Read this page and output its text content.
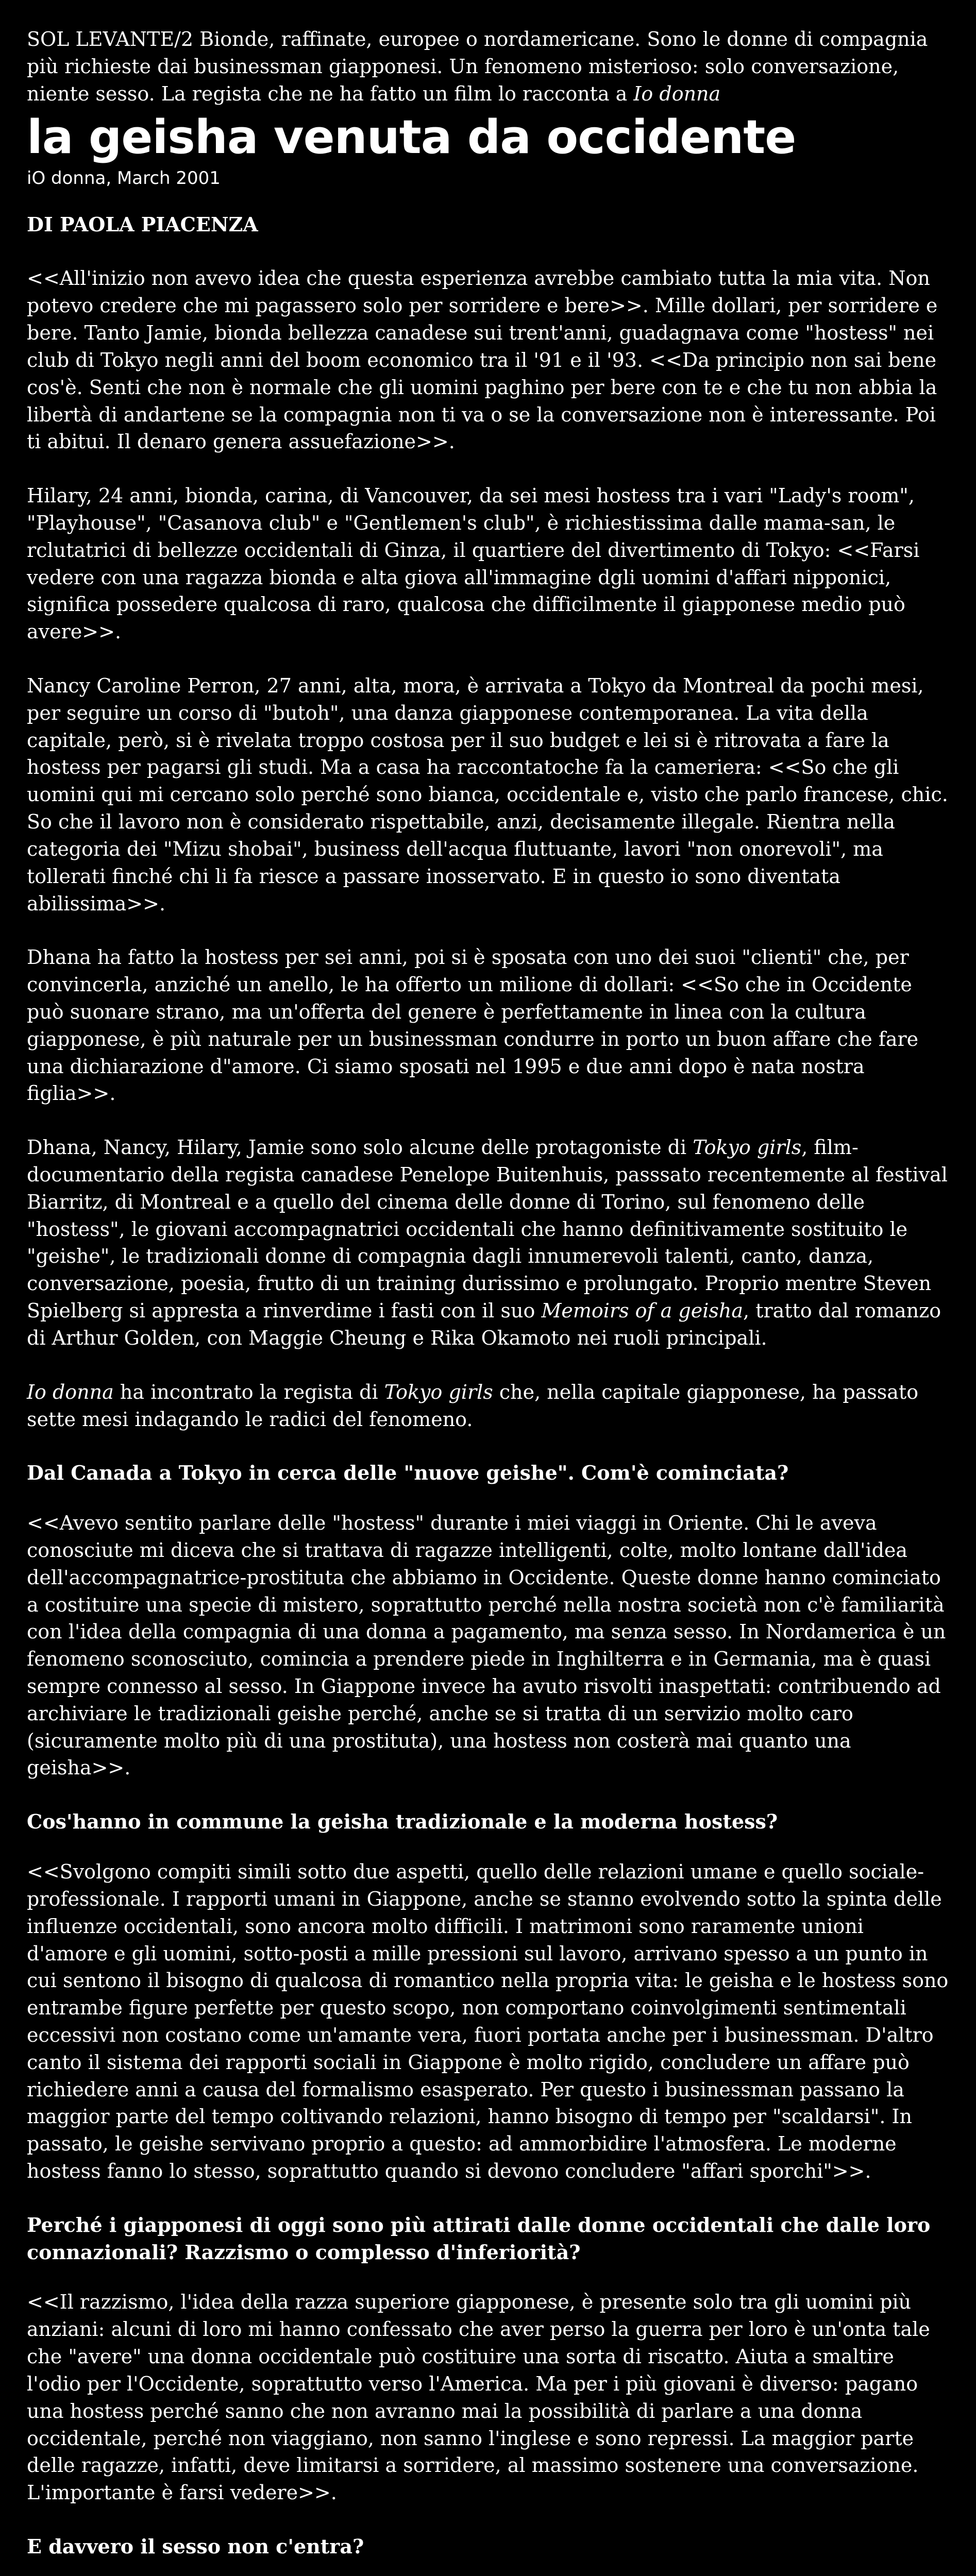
SOL LEVANTE/2 Bionde, raffinate, europee o nordamericane. Sono le donne di compagnia più richieste dai businessman giapponesi. Un fenomeno misterioso: solo conversazione, niente sesso. La regista che ne ha fatto un film lo racconta a Io donna

la geisha venuta da occidente
iO donna, March 2001

DI PAOLA PIACENZA

<<All'inizio non avevo idea che questa esperienza avrebbe cambiato tutta la mia vita. Non potevo credere che mi pagassero solo per sorridere e bere>>. Mille dollari, per sorridere e bere. Tanto Jamie, bionda bellezza canadese sui trent'anni, guadagnava come "hostess" nei club di Tokyo negli anni del boom economico tra il '91 e il '93. <<Da principio non sai bene cos'è. Senti che non è normale che gli uomini paghino per bere con te e che tu non abbia la libertà di andartene se la compagnia non ti va o se la conversazione non è interessante. Poi ti abitui. Il denaro genera assuefazione>>.

Hilary, 24 anni, bionda, carina, di Vancouver, da sei mesi hostess tra i vari "Lady's room", "Playhouse", "Casanova club" e "Gentlemen's club", è richiestissima dalle mama-san, le rclutatrici di bellezze occidentali di Ginza, il quartiere del divertimento di Tokyo: <<Farsi vedere con una ragazza bionda e alta giova all'immagine dgli uomini d'affari nipponici, significa possedere qualcosa di raro, qualcosa che difficilmente il giapponese medio può avere>>.

Nancy Caroline Perron, 27 anni, alta, mora, è arrivata a Tokyo da Montreal da pochi mesi, per seguire un corso di "butoh", una danza giapponese contemporanea. La vita della capitale, però, si è rivelata troppo costosa per il suo budget e lei si è ritrovata a fare la hostess per pagarsi gli studi. Ma a casa ha raccontatoche fa la cameriera: <<So che gli uomini qui mi cercano solo perché sono bianca, occidentale e, visto che parlo francese, chic. So che il lavoro non è considerato rispettabile, anzi, decisamente illegale. Rientra nella categoria dei "Mizu shobai", business dell'acqua fluttuante, lavori "non onorevoli", ma tollerati finché chi li fa riesce a passare inosservato. E in questo io sono diventata abilissima>>.

Dhana ha fatto la hostess per sei anni, poi si è sposata con uno dei suoi "clienti" che, per convincerla, anziché un anello, le ha offerto un milione di dollari: <<So che in Occidente può suonare strano, ma un'offerta del genere è perfettamente in linea con la cultura giapponese, è più naturale per un businessman condurre in porto un buon affare che fare una dichiarazione d"amore. Ci siamo sposati nel 1995 e due anni dopo è nata nostra figlia>>.

Dhana, Nancy, Hilary, Jamie sono solo alcune delle protagoniste di Tokyo girls, film-documentario della regista canadese Penelope Buitenhuis, passsato recentemente al festival Biarritz, di Montreal e a quello del cinema delle donne di Torino, sul fenomeno delle "hostess", le giovani accompagnatrici occidentali che hanno definitivamente sostituito le "geishe", le tradizionali donne di compagnia dagli innumerevoli talenti, canto, danza, conversazione, poesia, frutto di un training durissimo e prolungato. Proprio mentre Steven Spielberg si appresta a rinverdime i fasti con il suo Memoirs of a geisha, tratto dal romanzo di Arthur Golden, con Maggie Cheung e Rika Okamoto nei ruoli principali.

Io donna ha incontrato la regista di Tokyo girls che, nella capitale giapponese, ha passato sette mesi indagando le radici del fenomeno.

Dal Canada a Tokyo in cerca delle "nuove geishe". Com'è cominciata?

<<Avevo sentito parlare delle "hostess" durante i miei viaggi in Oriente. Chi le aveva conosciute mi diceva che si trattava di ragazze intelligenti, colte, molto lontane dall'idea dell'accompagnatrice-prostituta che abbiamo in Occidente. Queste donne hanno cominciato a costituire una specie di mistero, soprattutto perché nella nostra società non c'è familiarità con l'idea della compagnia di una donna a pagamento, ma senza sesso. In Nordamerica è un fenomeno sconosciuto, comincia a prendere piede in Inghilterra e in Germania, ma è quasi sempre connesso al sesso. In Giappone invece ha avuto risvolti inaspettati: contribuendo ad archiviare le tradizionali geishe perché, anche se si tratta di un servizio molto caro (sicuramente molto più di una prostituta), una hostess non costerà mai quanto una geisha>>.

Cos'hanno in commune la geisha tradizionale e la moderna hostess?

<<Svolgono compiti simili sotto due aspetti, quello delle relazioni umane e quello sociale-professionale. I rapporti umani in Giappone, anche se stanno evolvendo sotto la spinta delle influenze occidentali, sono ancora molto difficili. I matrimoni sono raramente unioni d'amore e gli uomini, sotto-posti a mille pressioni sul lavoro, arrivano spesso a un punto in cui sentono il bisogno di qualcosa di romantico nella propria vita: le geisha e le hostess sono entrambe figure perfette per questo scopo, non comportano coinvolgimenti sentimentali eccessivi non costano come un'amante vera, fuori portata anche per i businessman. D'altro canto il sistema dei rapporti sociali in Giappone è molto rigido, concludere un affare può richiedere anni a causa del formalismo esasperato. Per questo i businessman passano la maggior parte del tempo coltivando relazioni, hanno bisogno di tempo per "scaldarsi". In passato, le geishe servivano proprio a questo: ad ammorbidire l'atmosfera. Le moderne hostess fanno lo stesso, soprattutto quando si devono concludere "affari sporchi">>.

Perché i giapponesi di oggi sono più attirati dalle donne occidentali che dalle loro connazionali? Razzismo o complesso d'inferiorità?

<<Il razzismo, l'idea della razza superiore giapponese, è presente solo tra gli uomini più anziani: alcuni di loro mi hanno confessato che aver perso la guerra per loro è un'onta tale che "avere" una donna occidentale può costituire una sorta di riscatto. Aiuta a smaltire l'odio per l'Occidente, soprattutto verso l'America. Ma per i più giovani è diverso: pagano una hostess perché sanno che non avranno mai la possibilità di parlare a una donna occidentale, perché non viaggiano, non sanno l'inglese e sono repressi. La maggior parte delle ragazze, infatti, deve limitarsi a sorridere, al massimo sostenere una conversazione. L'importante è farsi vedere>>.

E davvero il sesso non c'entra?
